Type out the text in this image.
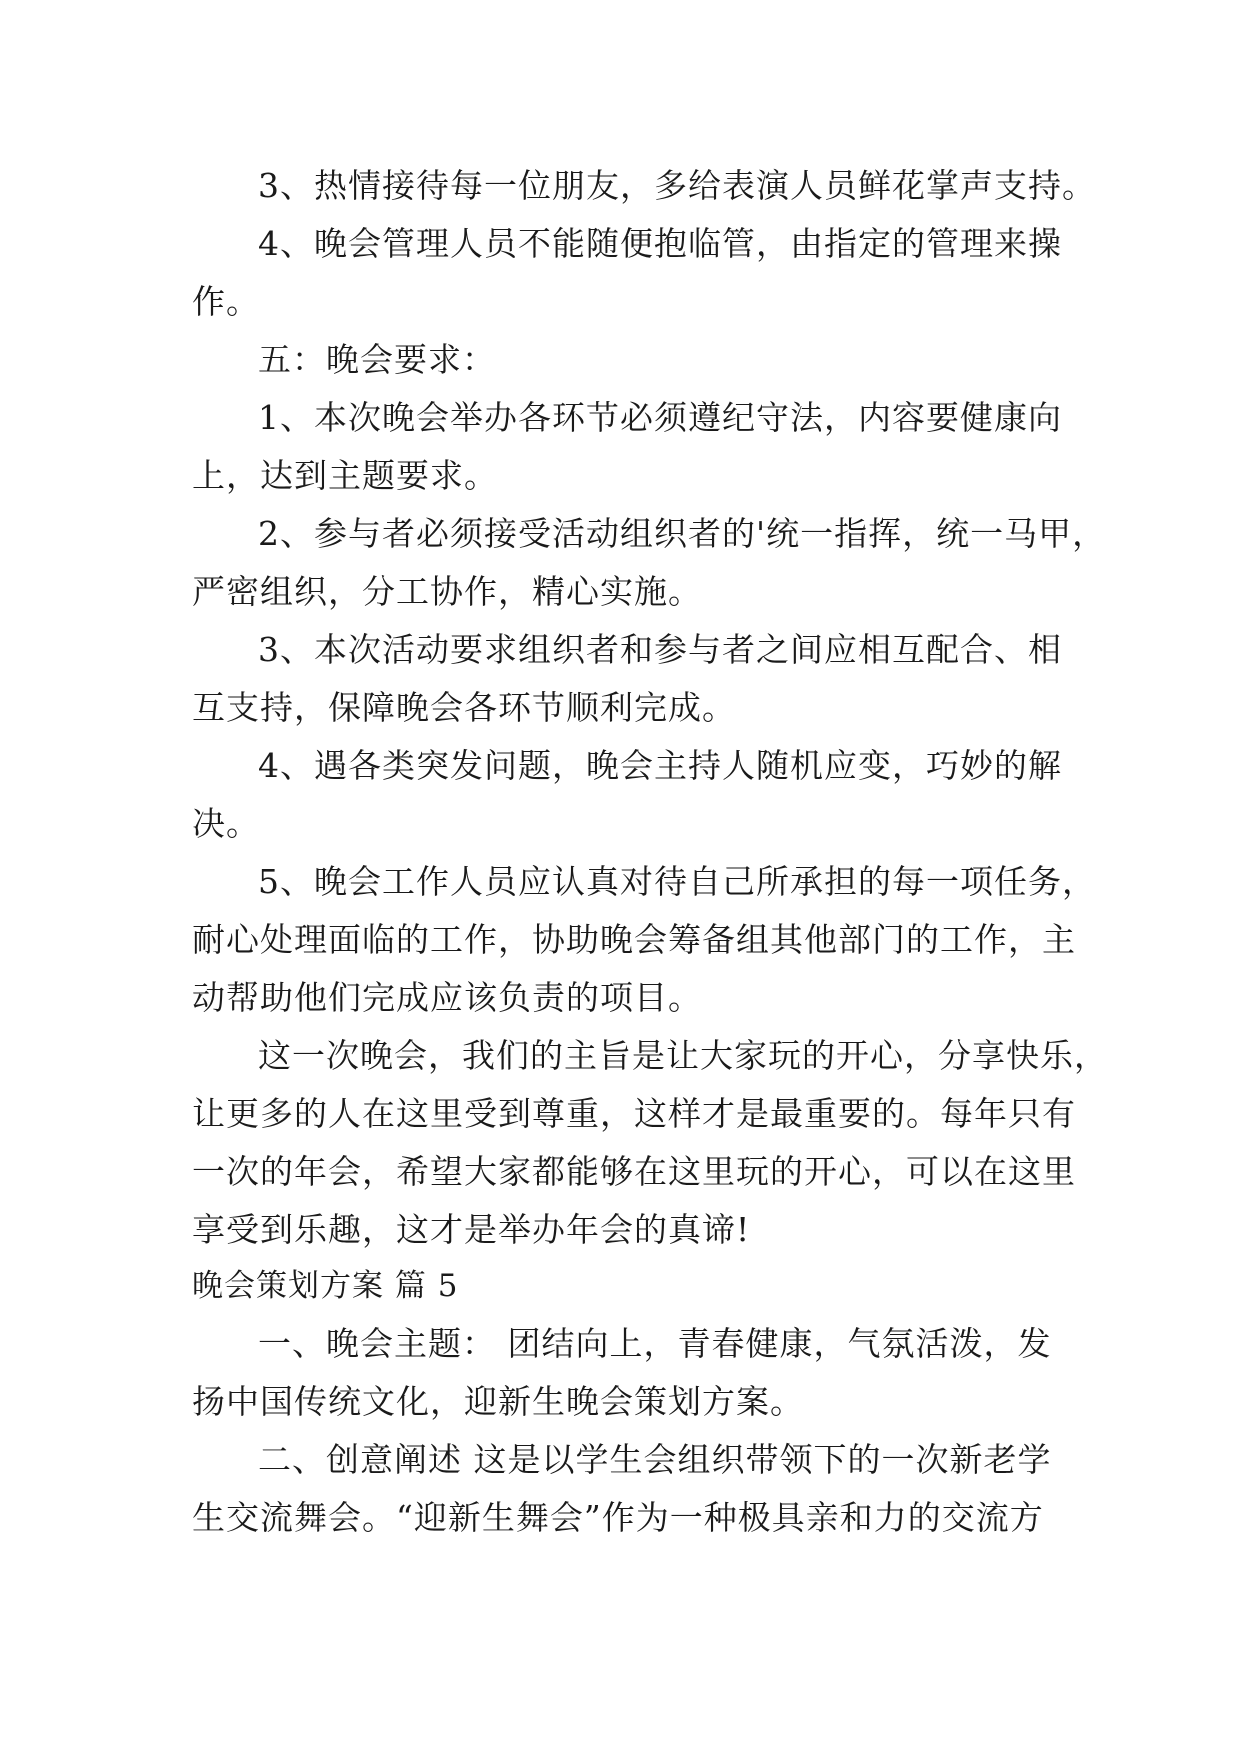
3、热情接待每一位朋友，多给表演人员鲜花掌声支持。
4、晚会管理人员不能随便抱临管，由指定的管理来操
作。
五：晚会要求：
1、本次晚会举办各环节必须遵纪守法，内容要健康向
上，达到主题要求。
2、参与者必须接受活动组织者的'统一指挥，统一马甲，
严密组织，分工协作，精心实施。
3、本次活动要求组织者和参与者之间应相互配合、相
互支持，保障晚会各环节顺利完成。
4、遇各类突发问题，晚会主持人随机应变，巧妙的解
决。
5、晚会工作人员应认真对待自己所承担的每一项任务，
耐心处理面临的工作，协助晚会筹备组其他部门的工作，主
动帮助他们完成应该负责的项目。
这一次晚会，我们的主旨是让大家玩的开心，分享快乐，
让更多的人在这里受到尊重，这样才是最重要的。每年只有
一次的年会，希望大家都能够在这里玩的开心，可以在这里
享受到乐趣，这才是举办年会的真谛!
晚会策划方案 篇 5
一、晚会主题： 团结向上，青春健康，气氛活泼，发
扬中国传统文化，迎新生晚会策划方案。
二、创意阐述 这是以学生会组织带领下的一次新老学
生交流舞会。“迎新生舞会”作为一种极具亲和力的交流方
